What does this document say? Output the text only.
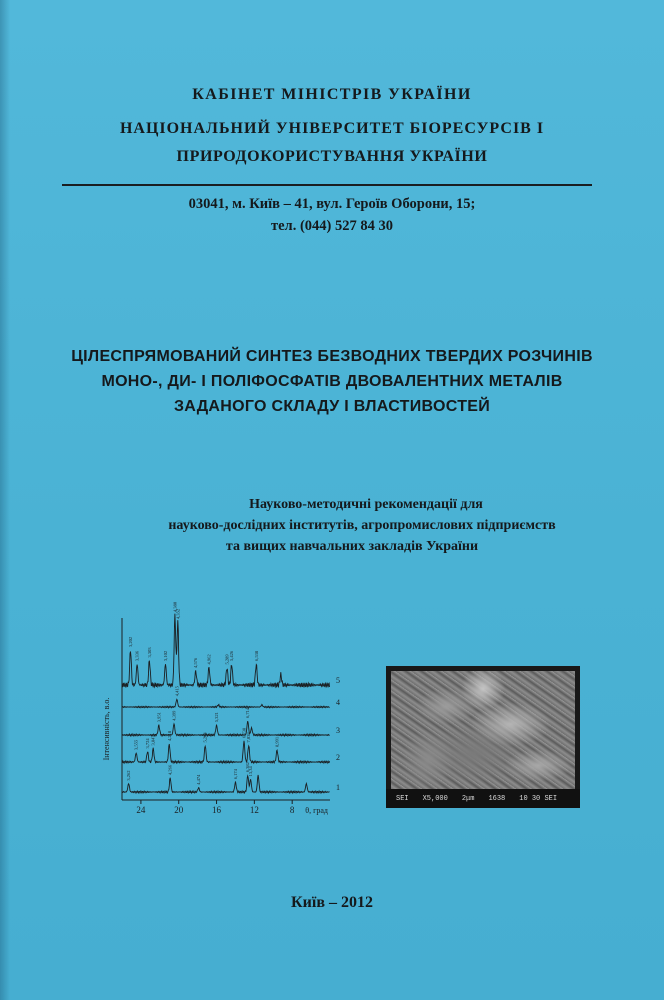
КАБІНЕТ МІНІСТРІВ УКРАЇНИ
НАЦІОНАЛЬНИЙ УНІВЕРСИТЕТ БІОРЕСУРСІВ І
ПРИРОДОКОРИСТУВАННЯ УКРАЇНИ
03041, м. Київ – 41, вул. Героїв Оборони, 15;
тел. (044) 527 84 30
ЦІЛЕСПРЯМОВАНИЙ СИНТЕЗ БЕЗВОДНИХ ТВЕРДИХ РОЗЧИНІВ
МОНО-, ДИ- І ПОЛІФОСФАТІВ ДВОВАЛЕНТНИХ МЕТАЛІВ
ЗАДАНОГО СКЛАДУ І ВЛАСТИВОСТЕЙ
Науково-методичні рекомендації для
науково-дослідних інститутів, агропромислових підприємств
та вищих навчальних закладів України
24	20	16	12	8 θ, град
Інтенсивність, в.о.
5
3,202
3,336 3,303 3,102
4,380
4,352
4,576 4,962	5,289 5,426	6,538
4
4,415
3
3,951 4,399	5,321	6,714
2
3,555 3,724 3,847 4,218	5,204	6,738 7,038	8,991
1
3,262
4,266
4,474
6,174
6,382
13,34
SEI X5,000 2μm 1638 10 30 SEI
Київ – 2012
